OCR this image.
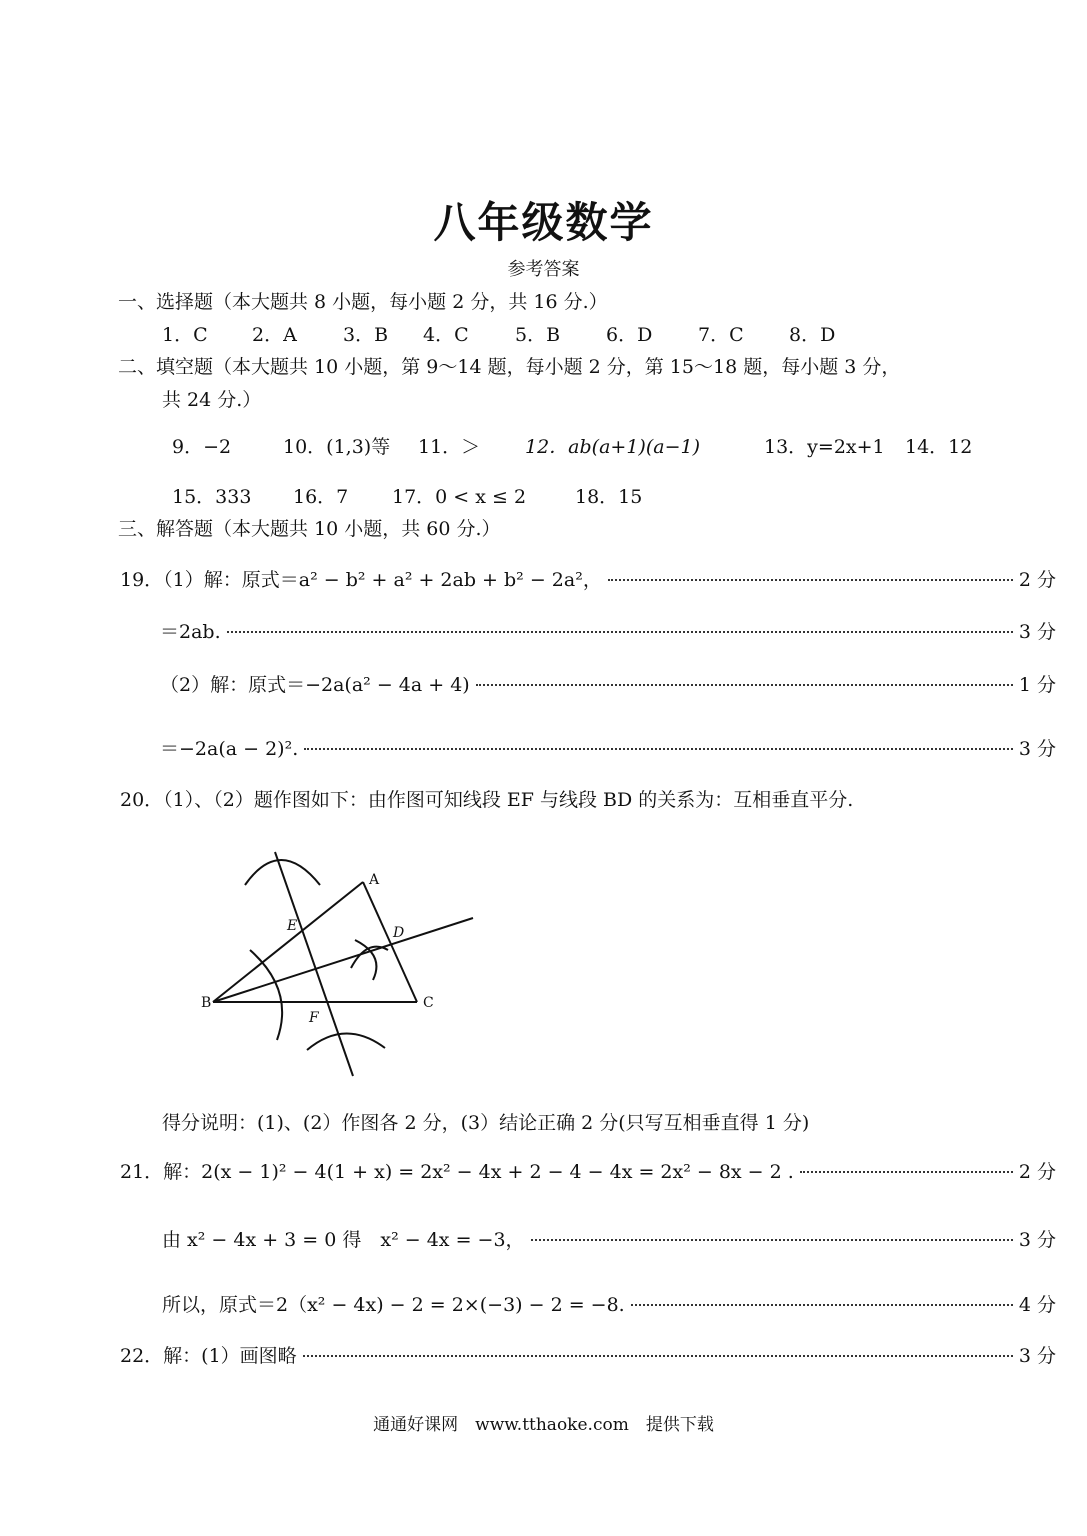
八年级数学
参考答案
一、选择题（本大题共 8 小题，每小题 2 分，共 16 分.）
1．C 2．A 3．B 4．C 5．B 6．D 7．C 8．D
二、填空题（本大题共 10 小题，第 9～14 题，每小题 2 分，第 15～18 题，每小题 3 分，
共 24 分.）
9．−2	10．(1,3)等 11．＞ 12．ab(a+1)(a−1)	13．y=2x+1 14．12
15．333 16．7 17．0 < x ≤ 2	18．15
三、解答题（本大题共 10 小题，共 60 分.）
19．（1）解：原式＝a² − b² + a² + 2ab + b² − 2a²，	2 分
＝2ab.	3 分
（2）解：原式＝−2a(a² − 4a + 4)	1 分
＝−2a(a − 2)².	3 分
20．（1）、（2）题作图如下：由作图可知线段 EF 与线段 BD 的关系为：互相垂直平分.
A
B	C
D
E
F
得分说明：(1)、(2）作图各 2 分，(3）结论正确 2 分(只写互相垂直得 1 分)
21．解：2(x − 1)² − 4(1 + x) = 2x² − 4x + 2 − 4 − 4x = 2x² − 8x − 2 .	2 分
由 x² − 4x + 3 = 0 得　x² − 4x = −3，	3 分
所以，原式＝2（x² − 4x) − 2 = 2×(−3) − 2 = −8.	4 分
22．解：(1）画图略	3 分
通通好课网　www.tthaoke.com　提供下载
